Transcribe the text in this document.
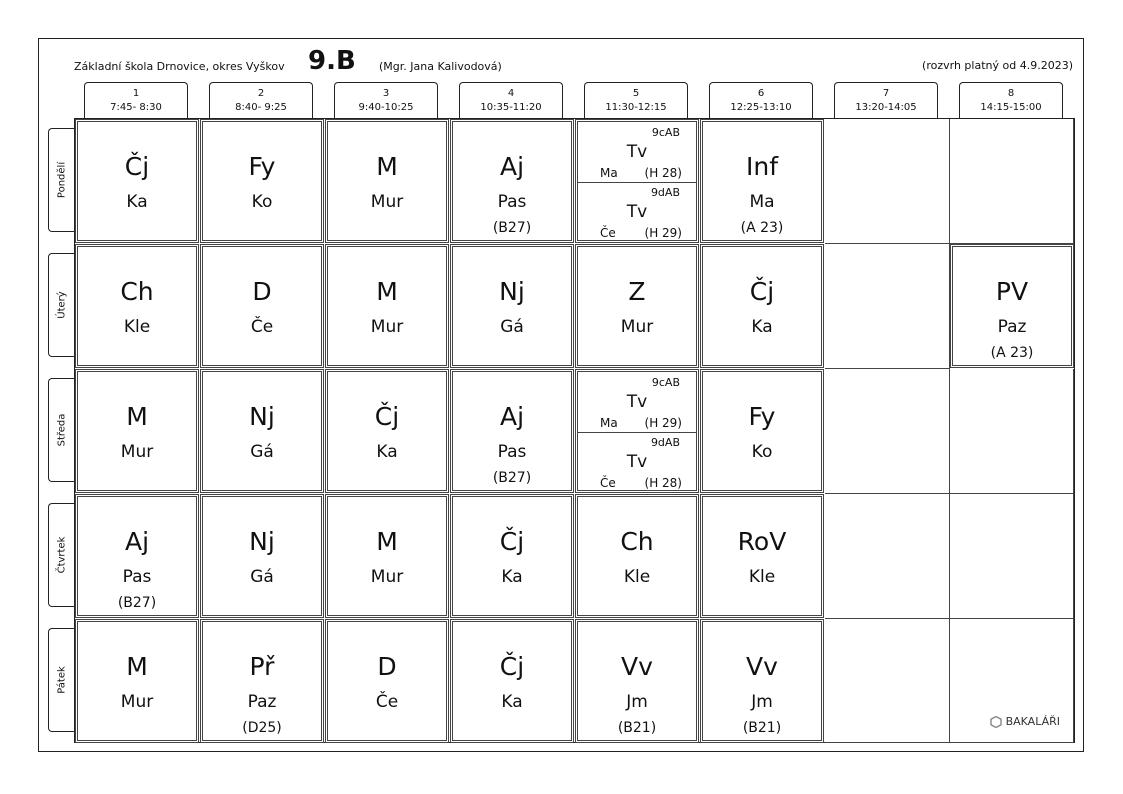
Základní škola Drnovice, okres Vyškov 9.B (Mgr. Jana Kalivodová)	(rozvrh platný od 4.9.2023)
1
7:45- 8:30
2
8:40- 9:25
3
9:40-10:25
4
10:35-11:20
5
11:30-12:15
6
12:25-13:10
7
13:20-14:05
8
14:15-15:00
BAKALÁŘI
Čj
Ka
Fy
Ko
M
Mur
Aj
Pas
(B27)
9cAB
Tv
Ma (H 28)
9dAB
Tv
Če (H 29)
Inf
Ma
(A 23)
Ch
Kle
D
Če
M
Mur
Nj
Gá
Z
Mur
Čj
Ka
PV
Paz
(A 23)
M
Mur
Nj
Gá
Čj
Ka
Aj
Pas
(B27)
9cAB
Tv
Ma (H 29)
9dAB
Tv
Če (H 28)
Fy
Ko
Aj
Pas
(B27)
Nj
Gá
M
Mur
Čj
Ka
Ch
Kle
RoV
Kle
M
Mur
Př
Paz
(D25)
D
Če
Čj
Ka
Vv
Jm
(B21)
Vv
Jm
(B21)
Pondělí
Úterý
Středa
Čtvrtek
Pátek
